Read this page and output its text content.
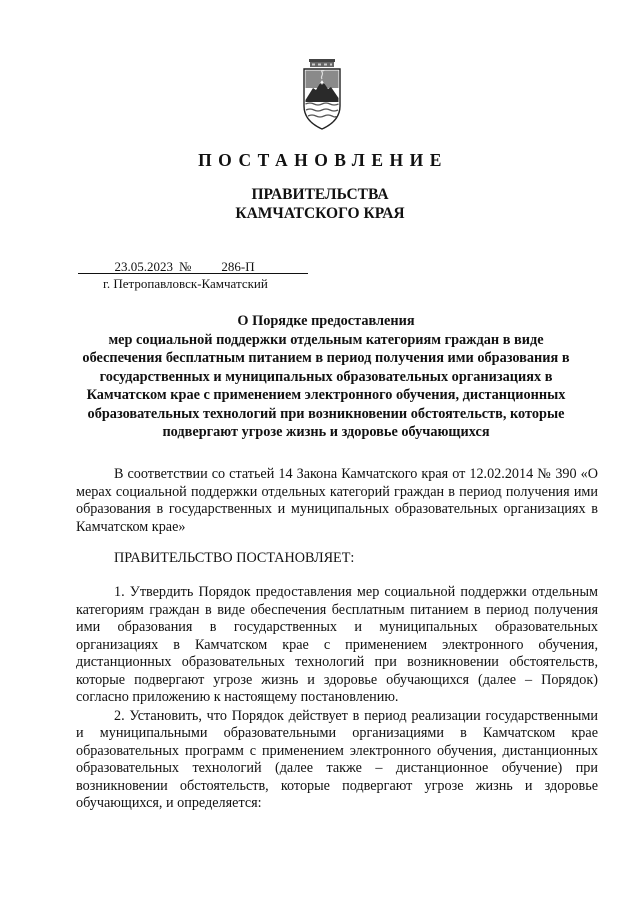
ПОСТАНОВЛЕНИЕ
ПРАВИТЕЛЬСТВА
КАМЧАТСКОГО КРАЯ
23.05.2023 № 286-П
г. Петропавловск-Камчатский
О Порядке предоставления
мер социальной поддержки отдельным категориям граждан в виде
обеспечения бесплатным питанием в период получения ими образования в
государственных и муниципальных образовательных организациях в
Камчатском крае с применением электронного обучения, дистанционных
образовательных технологий при возникновении обстоятельств, которые
подвергают угрозе жизнь и здоровье обучающихся

В соответствии со статьей 14 Закона Камчатского края от 12.02.2014 № 390 «О мерах социальной поддержки отдельных категорий граждан в период получения ими образования в государственных и муниципальных образовательных организациях в Камчатском крае»

ПРАВИТЕЛЬСТВО ПОСТАНОВЛЯЕТ:

1. Утвердить Порядок предоставления мер социальной поддержки отдельным категориям граждан в виде обеспечения бесплатным питанием в период получения ими образования в государственных и муниципальных образовательных организациях в Камчатском крае с применением электронного обучения, дистанционных образовательных технологий при возникновении обстоятельств, которые подвергают угрозе жизнь и здоровье обучающихся (далее – Порядок) согласно приложению к настоящему постановлению.

2. Установить, что Порядок действует в период реализации государственными и муниципальными образовательными организациями в Камчатском крае образовательных программ с применением электронного обучения, дистанционных образовательных технологий (далее также – дистанционное обучение) при возникновении обстоятельств, которые подвергают угрозе жизнь и здоровье обучающихся, и определяется:
